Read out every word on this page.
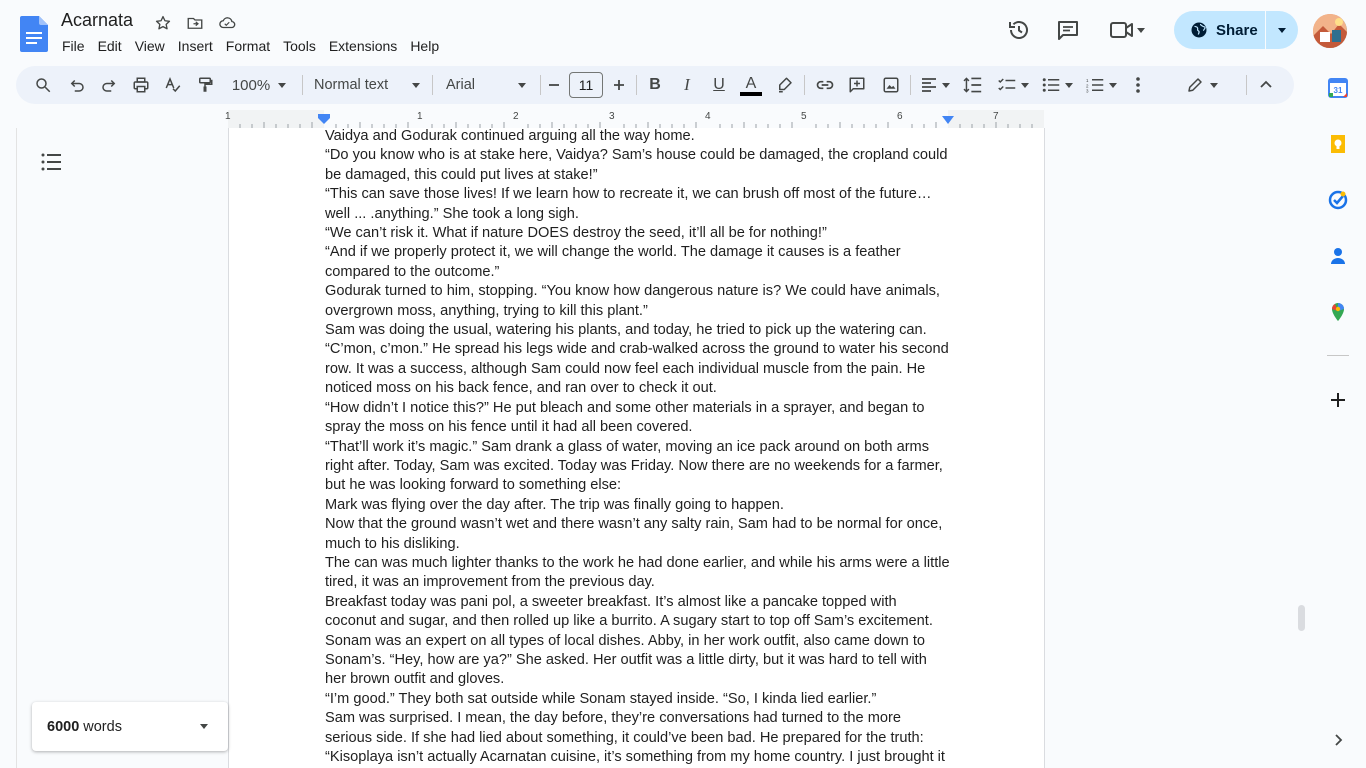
Acarnata
File Edit View Insert Format Tools Extensions Help
Share
100%	Normal text	Arial	11	B	I	U	A	1
2
3
1	1	2	3	4	5	6	7

Vaidya and Godurak continued arguing all the way home.

“Do you know who is at stake here, Vaidya? Sam’s house could be damaged, the cropland could be damaged, this could put lives at stake!”

“This can save those lives! If we learn how to recreate it, we can brush off most of the future…well ... .anything.” She took a long sigh.

“We can’t risk it. What if nature DOES destroy the seed, it’ll all be for nothing!”

“And if we properly protect it, we will change the world. The damage it causes is a feather compared to the outcome.”

Godurak turned to him, stopping. “You know how dangerous nature is? We could have animals, overgrown moss, anything, trying to kill this plant.”

Sam was doing the usual, watering his plants, and today, he tried to pick up the watering can.

“C’mon, c’mon.” He spread his legs wide and crab-walked across the ground to water his second row. It was a success, although Sam could now feel each individual muscle from the pain. He noticed moss on his back fence, and ran over to check it out.

“How didn’t I notice this?” He put bleach and some other materials in a sprayer, and began to spray the moss on his fence until it had all been covered.

“That’ll work it’s magic.” Sam drank a glass of water, moving an ice pack around on both arms right after. Today, Sam was excited. Today was Friday. Now there are no weekends for a farmer, but he was looking forward to something else:

Mark was flying over the day after. The trip was finally going to happen.

Now that the ground wasn’t wet and there wasn’t any salty rain, Sam had to be normal for once, much to his disliking.

The can was much lighter thanks to the work he had done earlier, and while his arms were a little tired, it was an improvement from the previous day.

Breakfast today was pani pol, a sweeter breakfast. It’s almost like a pancake topped with coconut and sugar, and then rolled up like a burrito. A sugary start to top off Sam’s excitement. Sonam was an expert on all types of local dishes. Abby, in her work outfit, also came down to Sonam’s. “Hey, how are ya?” She asked. Her outfit was a little dirty, but it was hard to tell with her brown outfit and gloves.

“I’m good.” They both sat outside while Sonam stayed inside. “So, I kinda lied earlier.”

Sam was surprised. I mean, the day before, they’re conversations had turned to the more serious side. If she had lied about something, it could’ve been bad. He prepared for the truth:

“Kisoplaya isn’t actually Acarnatan cuisine, it’s something from my home country. I just brought it

6000 words
31
